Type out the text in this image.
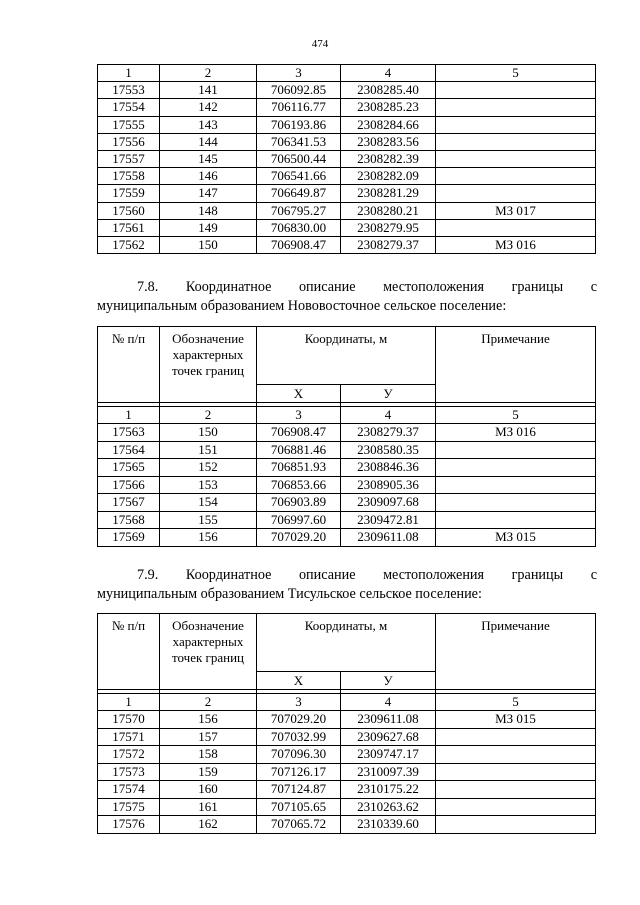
474
1	2	3	4	5
17553	141	706092.85	2308285.40	
17554	142	706116.77	2308285.23	
17555	143	706193.86	2308284.66	
17556	144	706341.53	2308283.56	
17557	145	706500.44	2308282.39	
17558	146	706541.66	2308282.09	
17559	147	706649.87	2308281.29	
17560	148	706795.27	2308280.21	МЗ 017
17561	149	706830.00	2308279.95	
17562	150	706908.47	2308279.37	МЗ 016
7.8. Координатное описание местоположения границы с
муниципальным образованием Нововосточное сельское поселение:
№ п/п	Обозначение характерных точек границ	Координаты, м		Примечание
		Х	У	

1	2	3	4	5
17563	150	706908.47	2308279.37	МЗ 016
17564	151	706881.46	2308580.35	
17565	152	706851.93	2308846.36	
17566	153	706853.66	2308905.36	
17567	154	706903.89	2309097.68	
17568	155	706997.60	2309472.81	
17569	156	707029.20	2309611.08	МЗ 015
7.9. Координатное описание местоположения границы с
муниципальным образованием Тисульское сельское поселение:
№ п/п	Обозначение характерных точек границ	Координаты, м		Примечание
		Х	У	

1	2	3	4	5
17570	156	707029.20	2309611.08	МЗ 015
17571	157	707032.99	2309627.68	
17572	158	707096.30	2309747.17	
17573	159	707126.17	2310097.39	
17574	160	707124.87	2310175.22	
17575	161	707105.65	2310263.62	
17576	162	707065.72	2310339.60	
